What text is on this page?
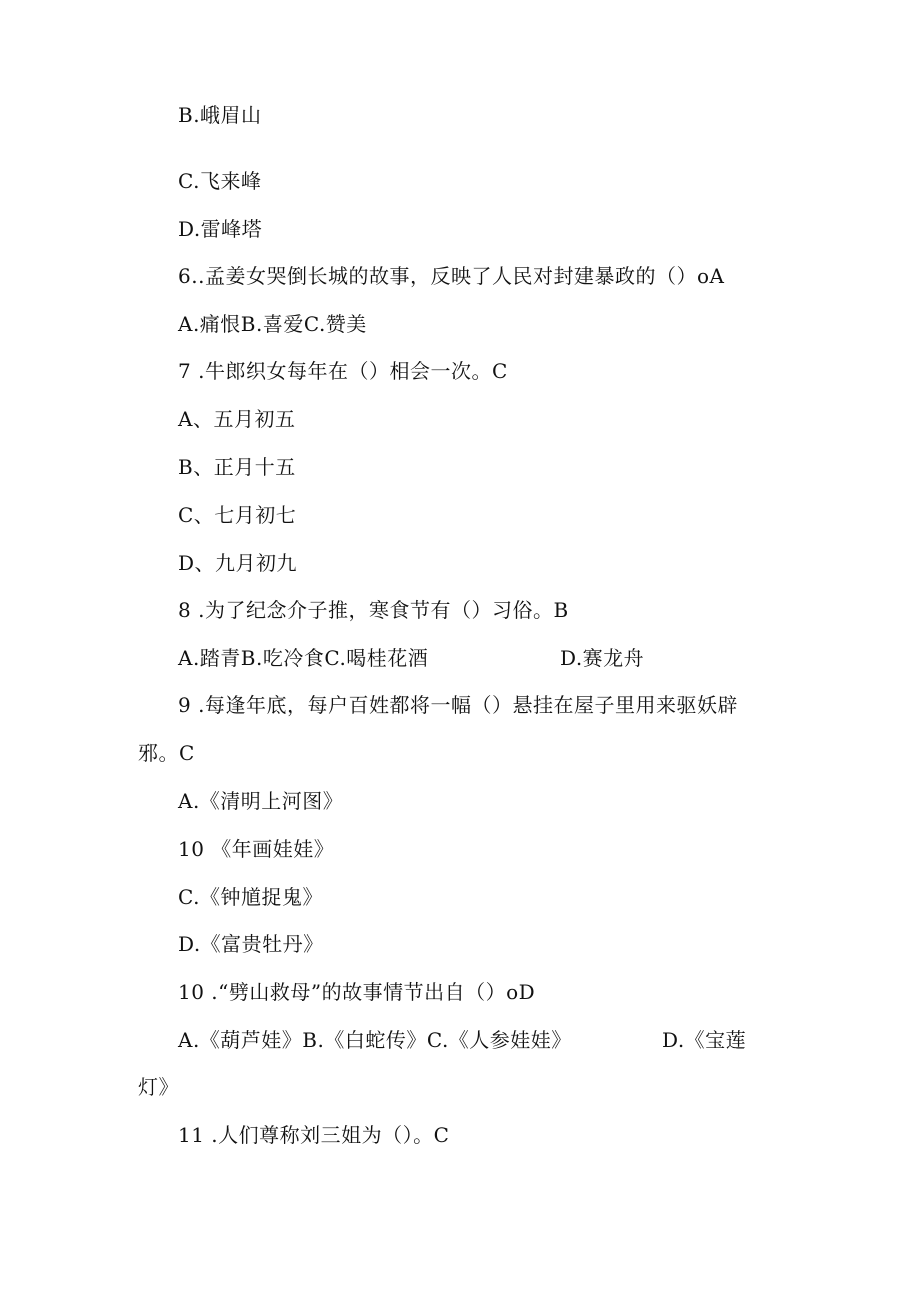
B.峨眉山
C.飞来峰
D.雷峰塔
6..孟姜女哭倒长城的故事，反映了人民对封建暴政的（）oA
A.痛恨B.喜爱C.赞美
7 .牛郎织女每年在（）相会一次。C
A、五月初五
B、正月十五
C、七月初七
D、九月初九
8 .为了纪念介子推，寒食节有（）习俗。B
A.踏青B.吃冷食C.喝桂花酒	D.赛龙舟
9 .每逢年底，每户百姓都将一幅（）悬挂在屋子里用来驱妖辟
邪。C
A.《清明上河图》
10 《年画娃娃》
C.《钟馗捉鬼》
D.《富贵牡丹》
10 .“劈山救母”的故事情节出自（）oD
A.《葫芦娃》B.《白蛇传》C.《人参娃娃》	D.《宝莲
灯》
11 .人们尊称刘三姐为（）。C
